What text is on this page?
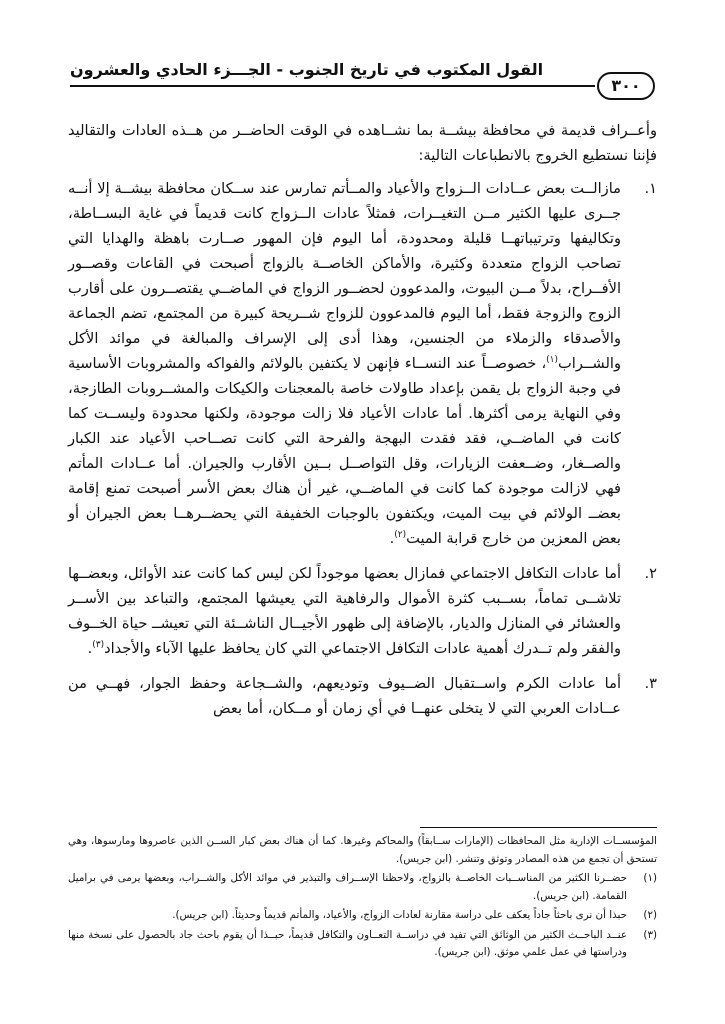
٣٠٠
القول المكتوب في تاريخ الجنوب - الجـــزء الحادي والعشرون

وأعــراف قديمة في محافظة بيشــة بما نشــاهده في الوقت الحاضــر من هــذه العادات والتقاليد فإننا نستطيع الخروج بالانطباعات التالية:

١.
مازالــت بعض عــادات الــزواج والأعياد والمــأتم تمارس عند ســكان محافظة بيشــة إلا أنــه جــرى عليها الكثير مــن التغيــرات، فمثلاً عادات الــزواج كانت قديماً في غاية البســاطة، وتكاليفها وترتيباتهــا قليلة ومحدودة، أما اليوم فإن المهور صــارت باهظة والهدايا التي تصاحب الزواج متعددة وكثيرة، والأماكن الخاصــة بالزواج أصبحت في القاعات وقصــور الأفــراح، بدلاً مــن البيوت، والمدعوون لحضــور الزواج في الماضــي يقتصــرون على أقارب الزوج والزوجة فقط، أما اليوم فالمدعوون للزواج شــريحة كبيرة من المجتمع، تضم الجماعة والأصدقاء والزملاء من الجنسين، وهذا أدى إلى الإسراف والمبالغة في موائد الأكل والشــراب$^{(١)}$، خصوصــاً عند النســاء فإنهن لا يكتفين بالولائم والفواكه والمشروبات الأساسية في وجبة الزواج بل يقمن بإعداد طاولات خاصة بالمعجنات والكيكات والمشــروبات الطازجة، وفي النهاية يرمى أكثرها. أما عادات الأعياد فلا زالت موجودة، ولكنها محدودة وليســت كما كانت في الماضــي، فقد فقدت البهجة والفرحة التي كانت تصــاحب الأعياد عند الكبار والصــغار، وضــعفت الزيارات، وقل التواصــل بــين الأقارب والجيران. أما عــادات المأتم فهي لازالت موجودة كما كانت في الماضــي، غير أن هناك بعض الأسر أصبحت تمنع إقامة بعضــ الولائم في بيت الميت، ويكتفون بالوجبات الخفيفة التي يحضــرهــا بعض الجيران أو بعض المعزين من خارج قرابة الميت$^{(٢)}$.
٢.
أما عادات التكافل الاجتماعي فمازال بعضها موجوداً لكن ليس كما كانت عند الأوائل، وبعضــها تلاشــى تماماً، بســبب كثرة الأموال والرفاهية التي يعيشها المجتمع، والتباعد بين الأســر والعشائر في المنازل والديار، بالإضافة إلى ظهور الأجيــال الناشــئة التي تعيشــ حياة الخــوف والفقر ولم تــدرك أهمية عادات التكافل الاجتماعي التي كان يحافظ عليها الآباء والأجداد$^{(٣)}$.
٣.
أما عادات الكرم واســتقبال الضــيوف وتوديعهم، والشــجاعة وحفظ الجوار، فهــي من عــادات العربي التي لا يتخلى عنهــا في أي زمان أو مــكان، أما بعض

المؤسســات الإدارية مثل المحافظات (الإمارات ســابقاً) والمحاكم وغيرها. كما أن هناك بعض كبار الســن الذين عاصروها ومارسوها، وهي تستحق أن تجمع من هذه المصادر وتوثق وتنشر. (ابن جريس).

(١)
حضــرنا الكثير من المناســبات الخاصــة بالزواج، ولاحظنا الإســراف والتبذير في موائد الأكل والشــراب، وبعضها يرمى في براميل القمامة. (ابن جريس).

(٢)
حبذا أن نرى باحثاً جاداً يعكف على دراسة مقارنة لعادات الزواج، والأعياد، والمأتم قديماً وحديثاً. (ابن جريس).

(٣)
عنــد الباحــث الكثير من الوثائق التي تفيد في دراســة التعــاون والتكافل قديماً، حبــذا أن يقوم باحث جاد بالحصول على نسخة منها ودراستها في عمل علمي موثق. (ابن جريس).
